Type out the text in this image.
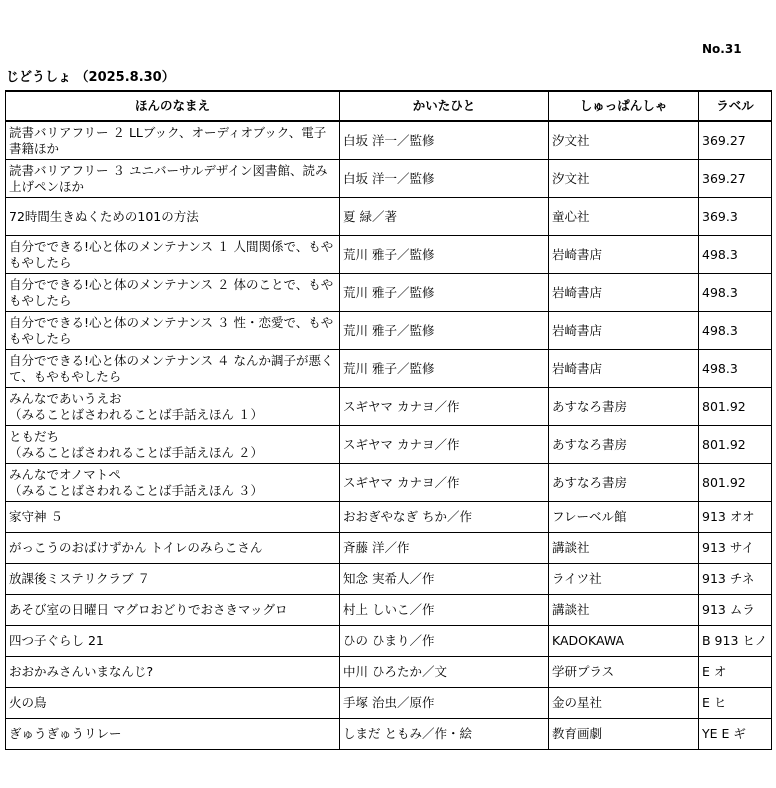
No.31
じどうしょ （2025.8.30）
ほんのなまえ	かいたひと	しゅっぱんしゃ	ラベル
読書バリアフリー ２ LLブック、オーディオブック、電子書籍ほか	白坂 洋一／監修	汐文社	369.27
読書バリアフリー ３ ユニバーサルデザイン図書館、読み上げペンほか	白坂 洋一／監修	汐文社	369.27
72時間生きぬくための101の方法	夏 緑／著	童心社	369.3
自分でできる!心と体のメンテナンス １ 人間関係で、もやもやしたら	荒川 雅子／監修	岩崎書店	498.3
自分でできる!心と体のメンテナンス ２ 体のことで、もやもやしたら	荒川 雅子／監修	岩崎書店	498.3
自分でできる!心と体のメンテナンス ３ 性・恋愛で、もやもやしたら	荒川 雅子／監修	岩崎書店	498.3
自分でできる!心と体のメンテナンス ４ なんか調子が悪くて、もやもやしたら	荒川 雅子／監修	岩崎書店	498.3
みんなであいうえお
（みることばさわれることば手話えほん １）	スギヤマ カナヨ／作	あすなろ書房	801.92
ともだち
（みることばさわれることば手話えほん ２）	スギヤマ カナヨ／作	あすなろ書房	801.92
みんなでオノマトペ
（みることばさわれることば手話えほん ３）	スギヤマ カナヨ／作	あすなろ書房	801.92
家守神 ５	おおぎやなぎ ちか／作	フレーベル館	913 オオ
がっこうのおばけずかん トイレのみらこさん	斉藤 洋／作	講談社	913 サイ
放課後ミステリクラブ ７	知念 実希人／作	ライツ社	913 チネ
あそび室の日曜日 マグロおどりでおさきマッグロ	村上 しいこ／作	講談社	913 ムラ
四つ子ぐらし 21	ひの ひまり／作	KADOKAWA	B 913 ヒノ
おおかみさんいまなんじ?	中川 ひろたか／文	学研プラス	E オ
火の鳥	手塚 治虫／原作	金の星社	E ヒ
ぎゅうぎゅうリレー	しまだ ともみ／作・絵	教育画劇	YE E ギ
